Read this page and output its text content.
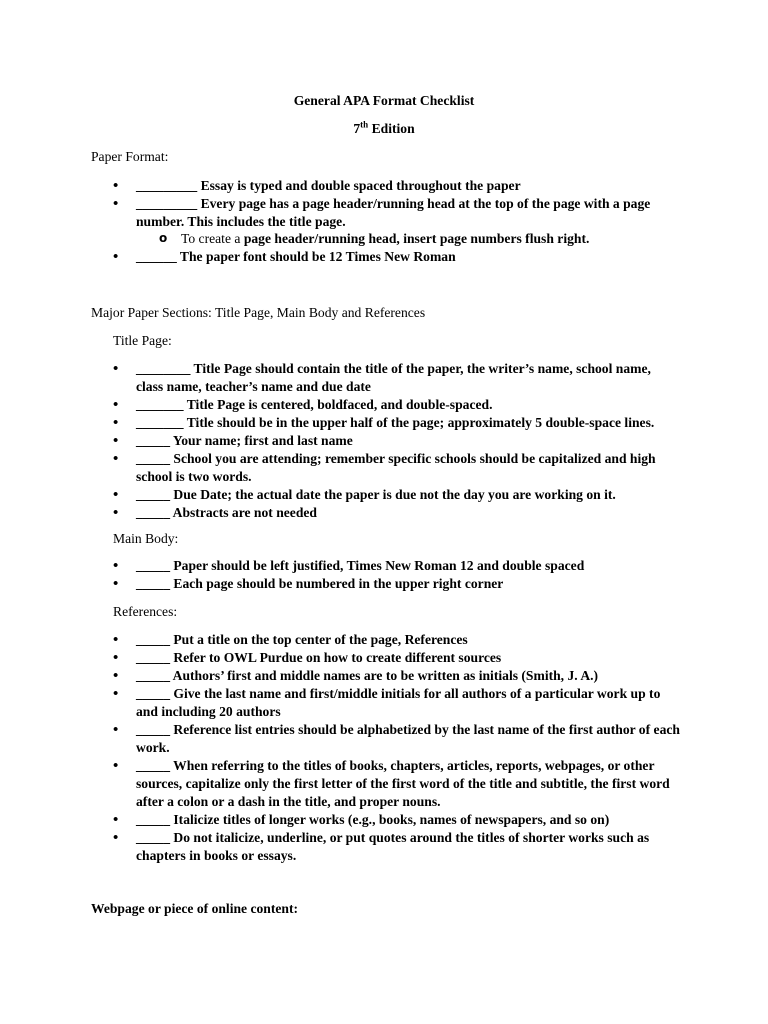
General APA Format Checklist

7th Edition

Paper Format:

• _________ Essay is typed and double spaced throughout the paper
• _________ Every page has a page header/running head at the top of the page with a page number. This includes the title page.
o To create a page header/running head, insert page numbers flush right.
• ______ The paper font should be 12 Times New Roman

Major Paper Sections: Title Page, Main Body and References

Title Page:

• ________ Title Page should contain the title of the paper, the writer’s name, school name, class name, teacher’s name and due date
• _______ Title Page is centered, boldfaced, and double-spaced.
• _______ Title should be in the upper half of the page; approximately 5 double-space lines.
• _____ Your name; first and last name
• _____ School you are attending; remember specific schools should be capitalized and high school is two words.
• _____ Due Date; the actual date the paper is due not the day you are working on it.
• _____ Abstracts are not needed

Main Body:

• _____ Paper should be left justified, Times New Roman 12 and double spaced
• _____ Each page should be numbered in the upper right corner

References:

• _____ Put a title on the top center of the page, References
• _____ Refer to OWL Purdue on how to create different sources
• _____ Authors’ first and middle names are to be written as initials (Smith, J. A.)
• _____ Give the last name and first/middle initials for all authors of a particular work up to and including 20 authors
• _____ Reference list entries should be alphabetized by the last name of the first author of each work.
• _____ When referring to the titles of books, chapters, articles, reports, webpages, or other sources, capitalize only the first letter of the first word of the title and subtitle, the first word after a colon or a dash in the title, and proper nouns.
• _____ Italicize titles of longer works (e.g., books, names of newspapers, and so on)
• _____ Do not italicize, underline, or put quotes around the titles of shorter works such as chapters in books or essays.

Webpage or piece of online content:
